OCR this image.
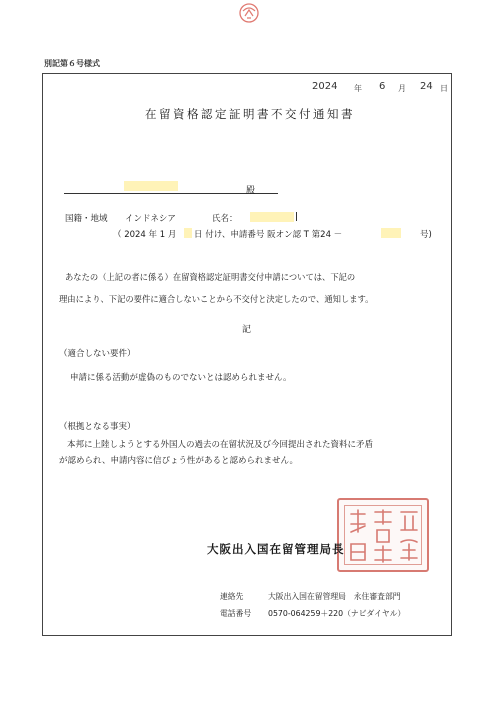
別記第６号様式
2024 年 6 月 24 日
在留資格認定証明書不交付通知書
殿
国籍・地域 インドネシア	氏名：
（ 2024 年 1 月 日 付け、申請番号 阪オン認 T 第24 －	号)
あなたの（上記の者に係る）在留資格認定証明書交付申請については、下記の
理由により、下記の要件に適合しないことから不交付と決定したので、通知します。
記
（適合しない要件）
申請に係る活動が虚偽のものでないとは認められません。
（根拠となる事実）
本邦に上陸しようとする外国人の過去の在留状況及び今回提出された資料に矛盾
が認められ、申請内容に信ぴょう性があると認められません。
大阪出入国在留管理局長
連絡先	大阪出入国在留管理局　永住審査部門
電話番号 0570-064259＋220（ナビダイヤル）
